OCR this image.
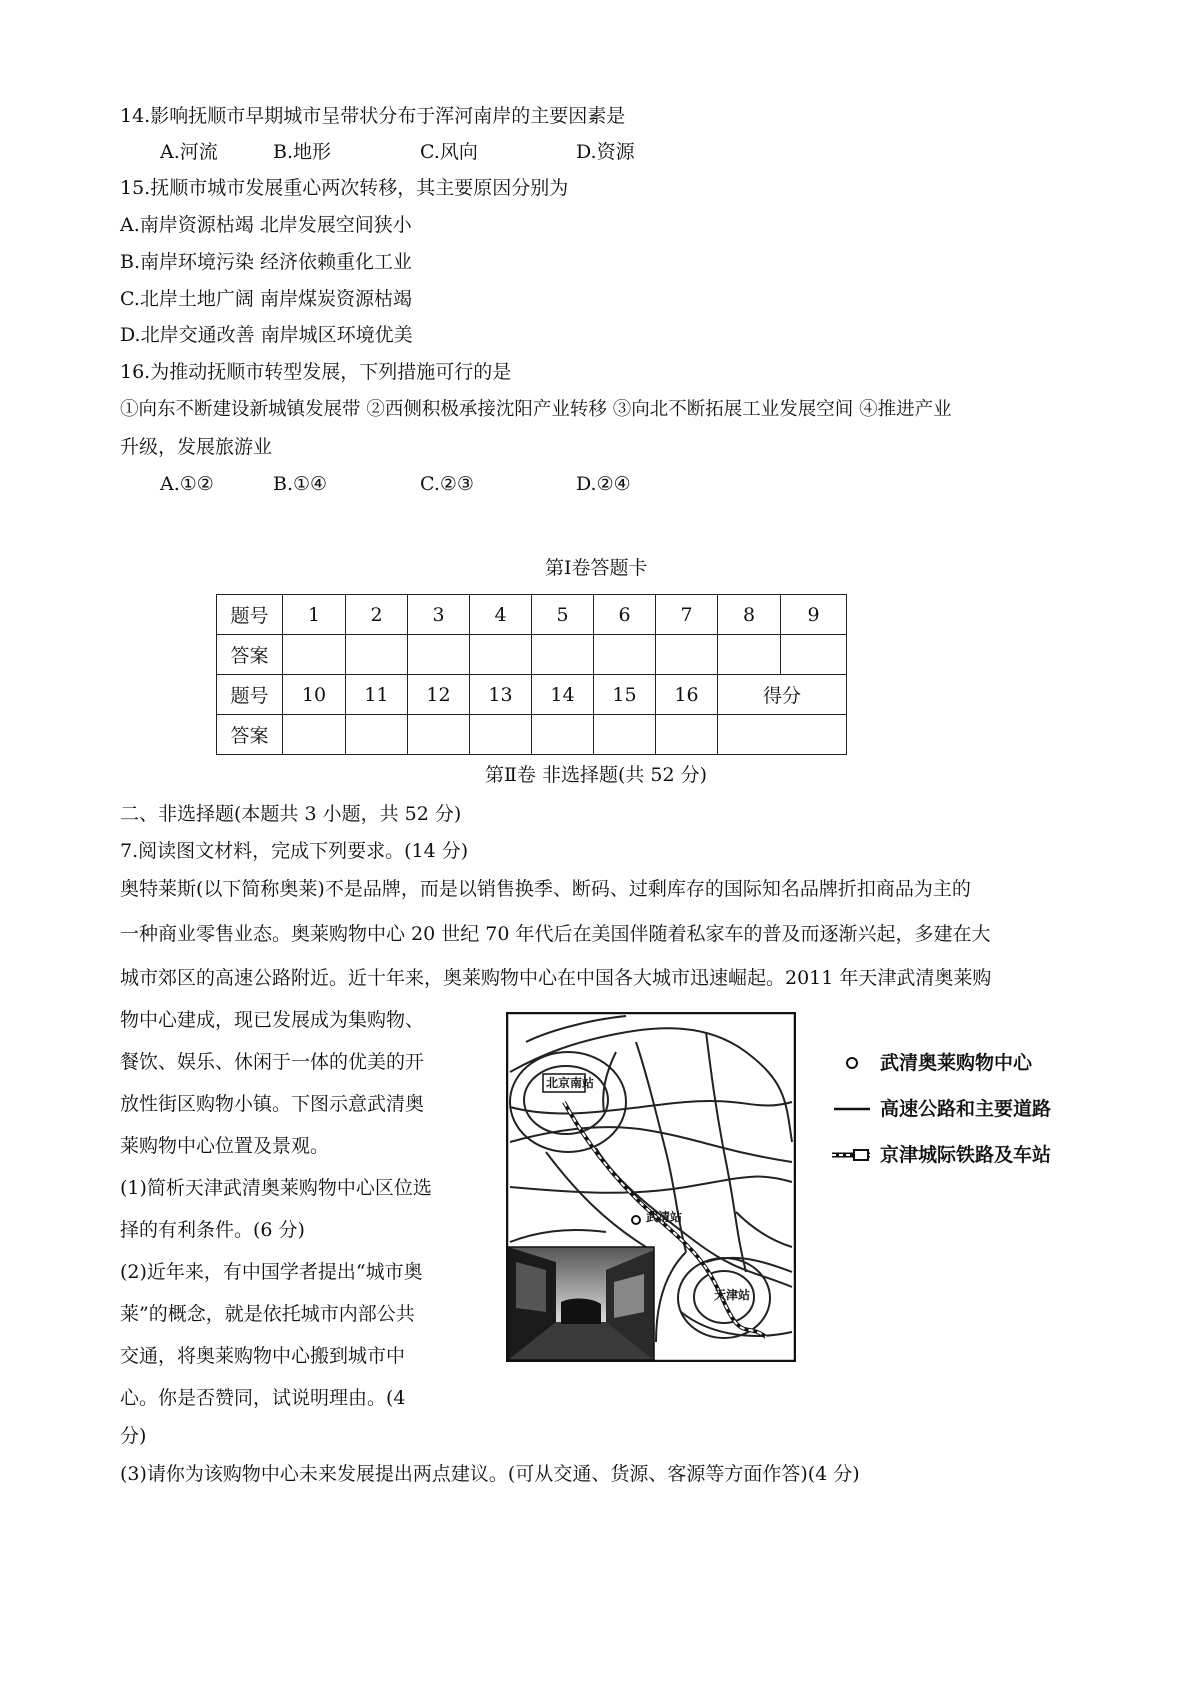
14.影响抚顺市早期城市呈带状分布于浑河南岸的主要因素是
A.河流	B.地形	C.风向	D.资源
15.抚顺市城市发展重心两次转移，其主要原因分别为
A.南岸资源枯竭 北岸发展空间狭小
B.南岸环境污染 经济依赖重化工业
C.北岸土地广阔 南岸煤炭资源枯竭
D.北岸交通改善 南岸城区环境优美
16.为推动抚顺市转型发展，下列措施可行的是
①向东不断建设新城镇发展带 ②西侧积极承接沈阳产业转移 ③向北不断拓展工业发展空间 ④推进产业
升级，发展旅游业
A.①②	B.①④	C.②③	D.②④
第Ⅰ卷答题卡
题号	1	2	3	4	5	6	7	8	9
答案									
题号	10	11	12	13	14	15	16	得分	
答案									
第Ⅱ卷 非选择题(共 52 分)
二、非选择题(本题共 3 小题，共 52 分)
7.阅读图文材料，完成下列要求。(14 分)
奥特莱斯(以下简称奥莱)不是品牌，而是以销售换季、断码、过剩库存的国际知名品牌折扣商品为主的
一种商业零售业态。奥莱购物中心 20 世纪 70 年代后在美国伴随着私家车的普及而逐渐兴起，多建在大
城市郊区的高速公路附近。近十年来，奥莱购物中心在中国各大城市迅速崛起。2011 年天津武清奥莱购
物中心建成，现已发展成为集购物、
餐饮、娱乐、休闲于一体的优美的开
放性街区购物小镇。下图示意武清奥
莱购物中心位置及景观。
(1)简析天津武清奥莱购物中心区位选
择的有利条件。(6 分)
(2)近年来，有中国学者提出“城市奥
莱”的概念，就是依托城市内部公共
交通，将奥莱购物中心搬到城市中
心。你是否赞同，试说明理由。(4
分)
(3)请你为该购物中心未来发展提出两点建议。(可从交通、货源、客源等方面作答)(4 分)
北京南站
武清站
天津站
武清奥莱购物中心
高速公路和主要道路
京津城际铁路及车站
